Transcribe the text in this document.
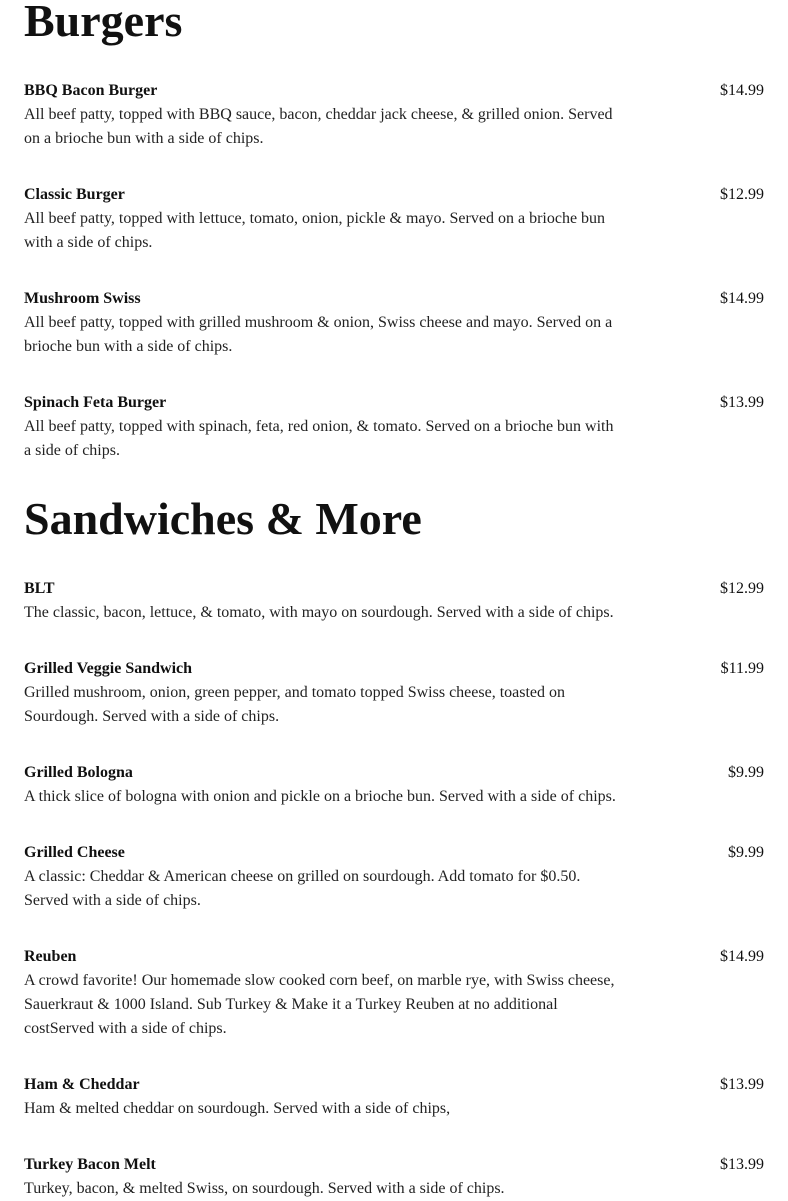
Burgers
BBQ Bacon Burger	$14.99
All beef patty, topped with BBQ sauce, bacon, cheddar jack cheese, & grilled onion. Served on a brioche bun with a side of chips.
Classic Burger	$12.99
All beef patty, topped with lettuce, tomato, onion, pickle & mayo. Served on a brioche bun with a side of chips.
Mushroom Swiss	$14.99
All beef patty, topped with grilled mushroom & onion, Swiss cheese and mayo. Served on a brioche bun with a side of chips.
Spinach Feta Burger	$13.99
All beef patty, topped with spinach, feta, red onion, & tomato. Served on a brioche bun with a side of chips.
Sandwiches & More
BLT	$12.99
The classic, bacon, lettuce, & tomato, with mayo on sourdough. Served with a side of chips.
Grilled Veggie Sandwich	$11.99
Grilled mushroom, onion, green pepper, and tomato topped Swiss cheese, toasted on Sourdough. Served with a side of chips.
Grilled Bologna	$9.99
A thick slice of bologna with onion and pickle on a brioche bun. Served with a side of chips.
Grilled Cheese	$9.99
A classic: Cheddar & American cheese on grilled on sourdough. Add tomato for $0.50. Served with a side of chips.
Reuben	$14.99
A crowd favorite! Our homemade slow cooked corn beef, on marble rye, with Swiss cheese, Sauerkraut & 1000 Island. Sub Turkey & Make it a Turkey Reuben at no additional costServed with a side of chips.
Ham & Cheddar	$13.99
Ham & melted cheddar on sourdough. Served with a side of chips,
Turkey Bacon Melt	$13.99
Turkey, bacon, & melted Swiss, on sourdough. Served with a side of chips.
